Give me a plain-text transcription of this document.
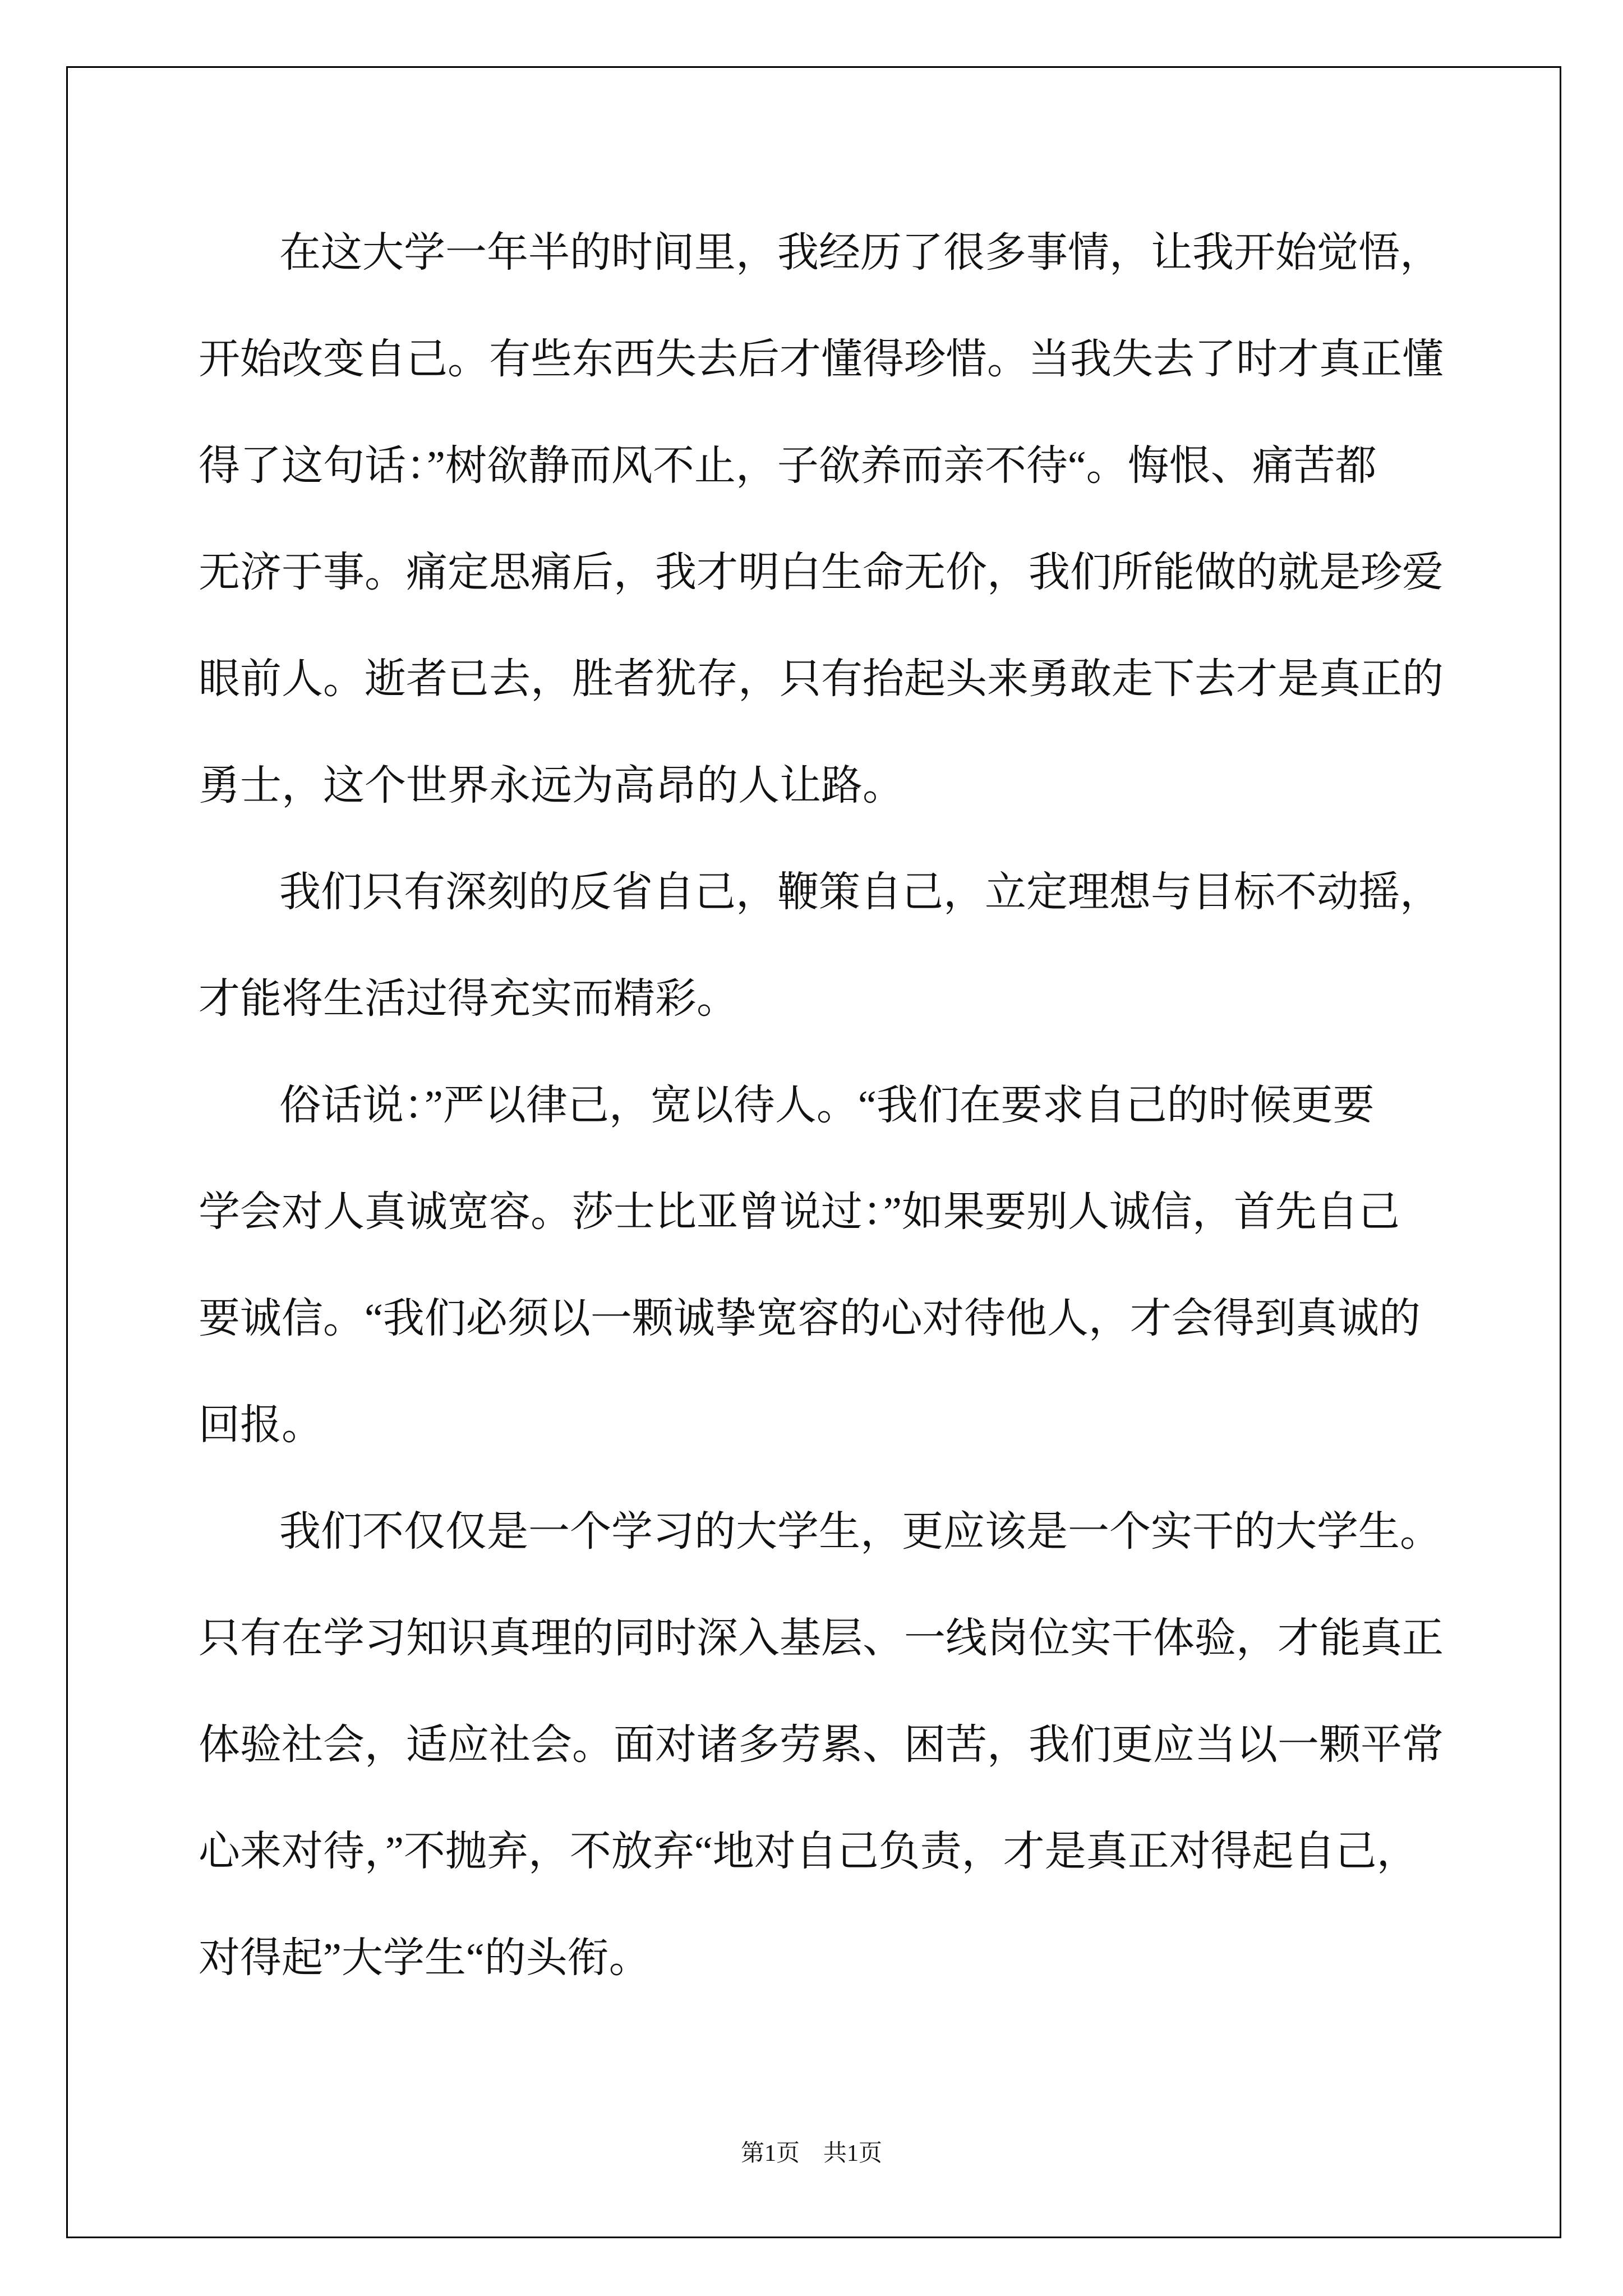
在这大学一年半的时间里，我经历了很多事情，让我开始觉悟，
开始改变自己。有些东西失去后才懂得珍惜。当我失去了时才真正懂
得了这句话：”树欲静而风不止，子欲养而亲不待“。悔恨、痛苦都
无济于事。痛定思痛后，我才明白生命无价，我们所能做的就是珍爱
眼前人。逝者已去，胜者犹存，只有抬起头来勇敢走下去才是真正的
勇士，这个世界永远为高昂的人让路。
我们只有深刻的反省自己，鞭策自己，立定理想与目标不动摇，
才能将生活过得充实而精彩。
俗话说：”严以律己，宽以待人。“我们在要求自己的时候更要
学会对人真诚宽容。莎士比亚曾说过：”如果要别人诚信，首先自己
要诚信。“我们必须以一颗诚挚宽容的心对待他人，才会得到真诚的
回报。
我们不仅仅是一个学习的大学生，更应该是一个实干的大学生。
只有在学习知识真理的同时深入基层、一线岗位实干体验，才能真正
体验社会，适应社会。面对诸多劳累、困苦，我们更应当以一颗平常
心来对待，”不抛弃，不放弃“地对自己负责，才是真正对得起自己，
对得起”大学生“的头衔。
第1页　共1页
